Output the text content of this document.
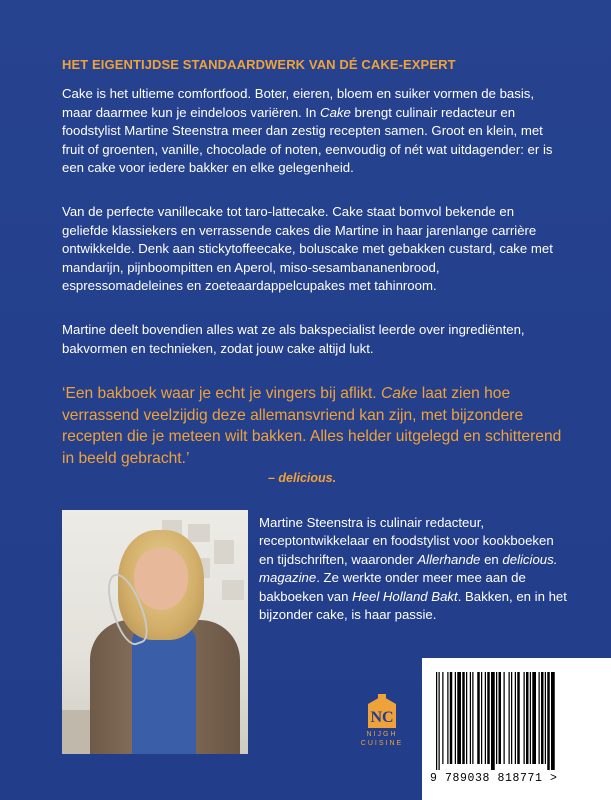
HET EIGENTIJDSE STANDAARDWERK VAN DÉ CAKE-EXPERT

Cake is het ultieme comfortfood. Boter, eieren, bloem en suiker vormen de basis, maar daarmee kun je eindeloos variëren. In Cake brengt culinair redacteur en foodstylist Martine Steenstra meer dan zestig recepten samen. Groot en klein, met fruit of groenten, vanille, chocolade of noten, eenvoudig of nét wat uitdagender: er is een cake voor iedere bakker en elke gelegenheid.

Van de perfecte vanillecake tot taro-lattecake. Cake staat bomvol bekende en geliefde klassiekers en verrassende cakes die Martine in haar jarenlange carrière ontwikkelde. Denk aan stickytoffeecake, boluscake met gebakken custard, cake met mandarijn, pijnboompitten en Aperol, miso-sesambananenbrood, espressomadeleines en zoeteaardappelcupakes met tahinroom.

Martine deelt bovendien alles wat ze als bakspecialist leerde over ingrediënten, bakvormen en technieken, zodat jouw cake altijd lukt.

‘Een bakboek waar je echt je vingers bij aflikt. Cake laat zien hoe verrassend veelzijdig deze allemansvriend kan zijn, met bijzondere recepten die je meteen wilt bakken. Alles helder uitgelegd en schitterend in beeld gebracht.’

– delicious.

Martine Steenstra is culinair redacteur, receptontwikkelaar en foodstylist voor kookboeken en tijdschriften, waaronder Allerhande en delicious. magazine. Ze werkte onder meer mee aan de bakboeken van Heel Holland Bakt. Bakken, en in het bijzonder cake, is haar passie.

NC
NIJGH
CUISINE
9 789038 818771 >
